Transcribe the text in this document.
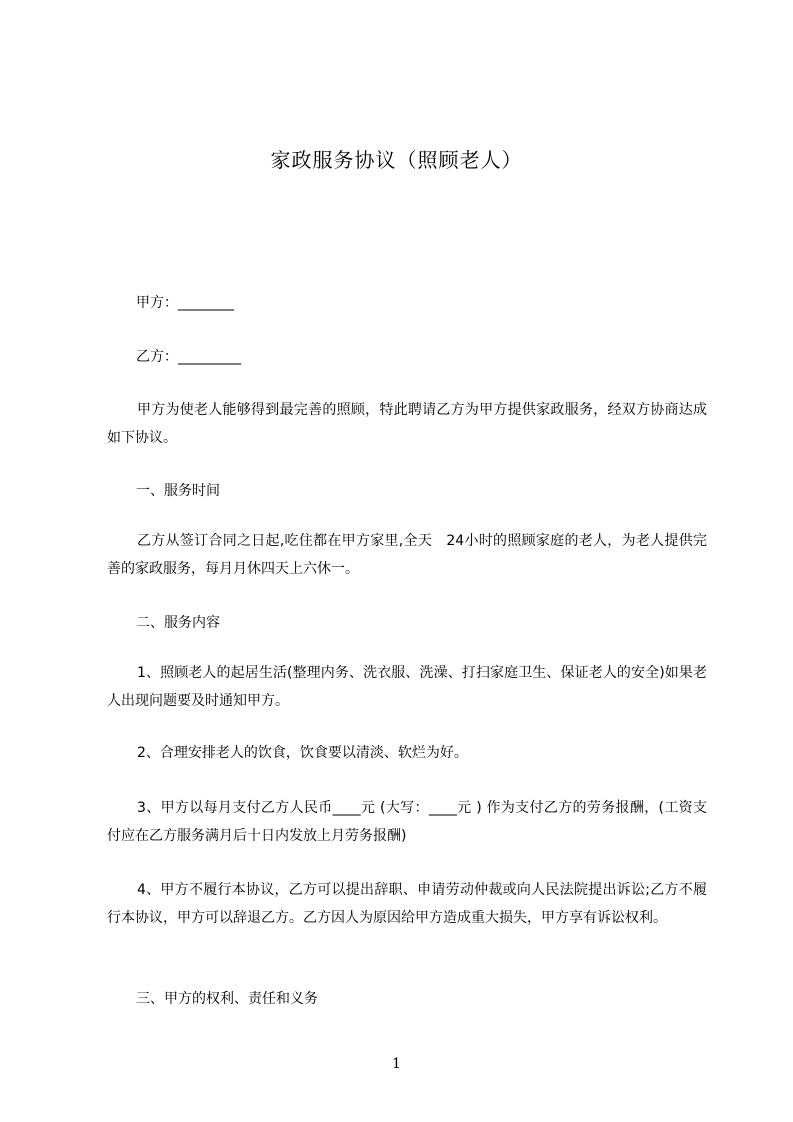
家政服务协议（照顾老人）
甲方：________
乙方：_________
甲方为使老人能够得到最完善的照顾，特此聘请乙方为甲方提供家政服务，经双方协商达成如下协议。
一、服务时间
乙方从签订合同之日起,吃住都在甲方家里,全天　24小时的照顾家庭的老人，为老人提供完善的家政服务，每月月休四天上六休一。
二、服务内容
1、照顾老人的起居生活(整理内务、洗衣服、洗澡、打扫家庭卫生、保证老人的安全)如果老人出现问题要及时通知甲方。
2、合理安排老人的饮食，饮食要以清淡、软烂为好。
3、甲方以每月支付乙方人民币____元 (大写：____元 ) 作为支付乙方的劳务报酬，(工资支付应在乙方服务满月后十日内发放上月劳务报酬)
4、甲方不履行本协议，乙方可以提出辞职、申请劳动仲裁或向人民法院提出诉讼;乙方不履行本协议，甲方可以辞退乙方。乙方因人为原因给甲方造成重大损失，甲方享有诉讼权利。
三、甲方的权利、责任和义务
1
